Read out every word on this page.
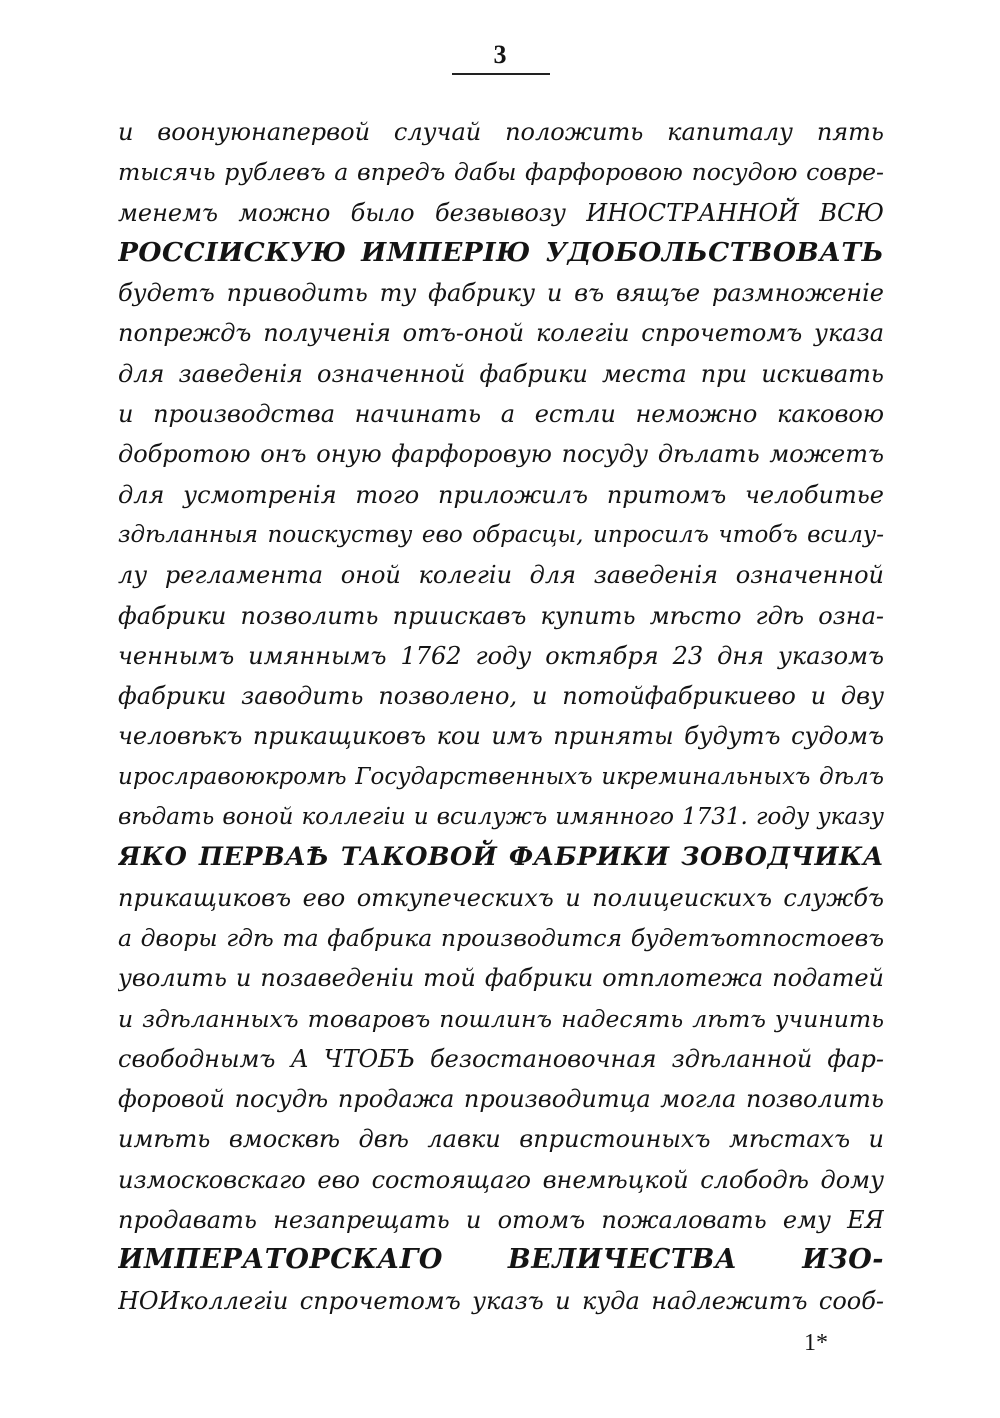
3
и воонуюнапервой случай положить капиталу пять
тысячь рублевъ а впредъ дабы фарфоровою посудою совре-
менемъ можно было безвывозу ИНОСТРАННОЙ ВСЮ
РОССIИСКУЮ ИМПЕРIЮ УДОБОЛЬСТВОВАТЬ
будетъ приводить ту фабрику и въ вящъе размноженiе
попреждъ полученiя отъ-оной колегiи спрочетомъ указа
для заведенiя означенной фабрики места при искивать
и производства начинать а естли неможно каковою
добротою онъ оную фарфоровую посуду дѣлать можетъ
для усмотренiя того приложилъ притомъ челобитье
здѣланныя поискуству ево обрасцы, ипросилъ чтобъ всилу-
лу регламента оной колегiи для заведенiя означенной
фабрики позволить приискавъ купить мѣсто гдѣ озна-
ченнымъ имяннымъ 1762 году октября 23 дня указомъ
фабрики заводить позволено, и потойфабрикиево и дву
человѣкъ прикащиковъ кои имъ приняты будутъ судомъ
ирослравоюкромѣ Государственныхъ икреминальныхъ дѣлъ
вѣдать воной коллегiи и всилужъ имянного 1731. году указу
ЯКО ПЕРВАѢ ТАКОВОЙ ФАБРИКИ ЗОВОДЧИКА
прикащиковъ ево откупеческихъ и полицеискихъ службъ
а дворы гдѣ та фабрика производится будетъотпостоевъ
уволить и позаведенiи той фабрики отплотежа податей
и здѣланныхъ товаровъ пошлинъ надесять лѣтъ учинить
свободнымъ А ЧТОБЪ безостановочная здѣланной фар-
форовой посудѣ продажа производитца могла позволить
имѣть вмосквѣ двѣ лавки впристоиныхъ мѣстахъ и
измосковскаго ево состоящаго внемѣцкой слободѣ дому
продавать незапрещать и отомъ пожаловать ему ЕЯ
ИМПЕРАТОРСКАГО ВЕЛИЧЕСТВА ИЗО-
НОИколлегiи спрочетомъ указъ и куда надлежитъ сооб-
1*
